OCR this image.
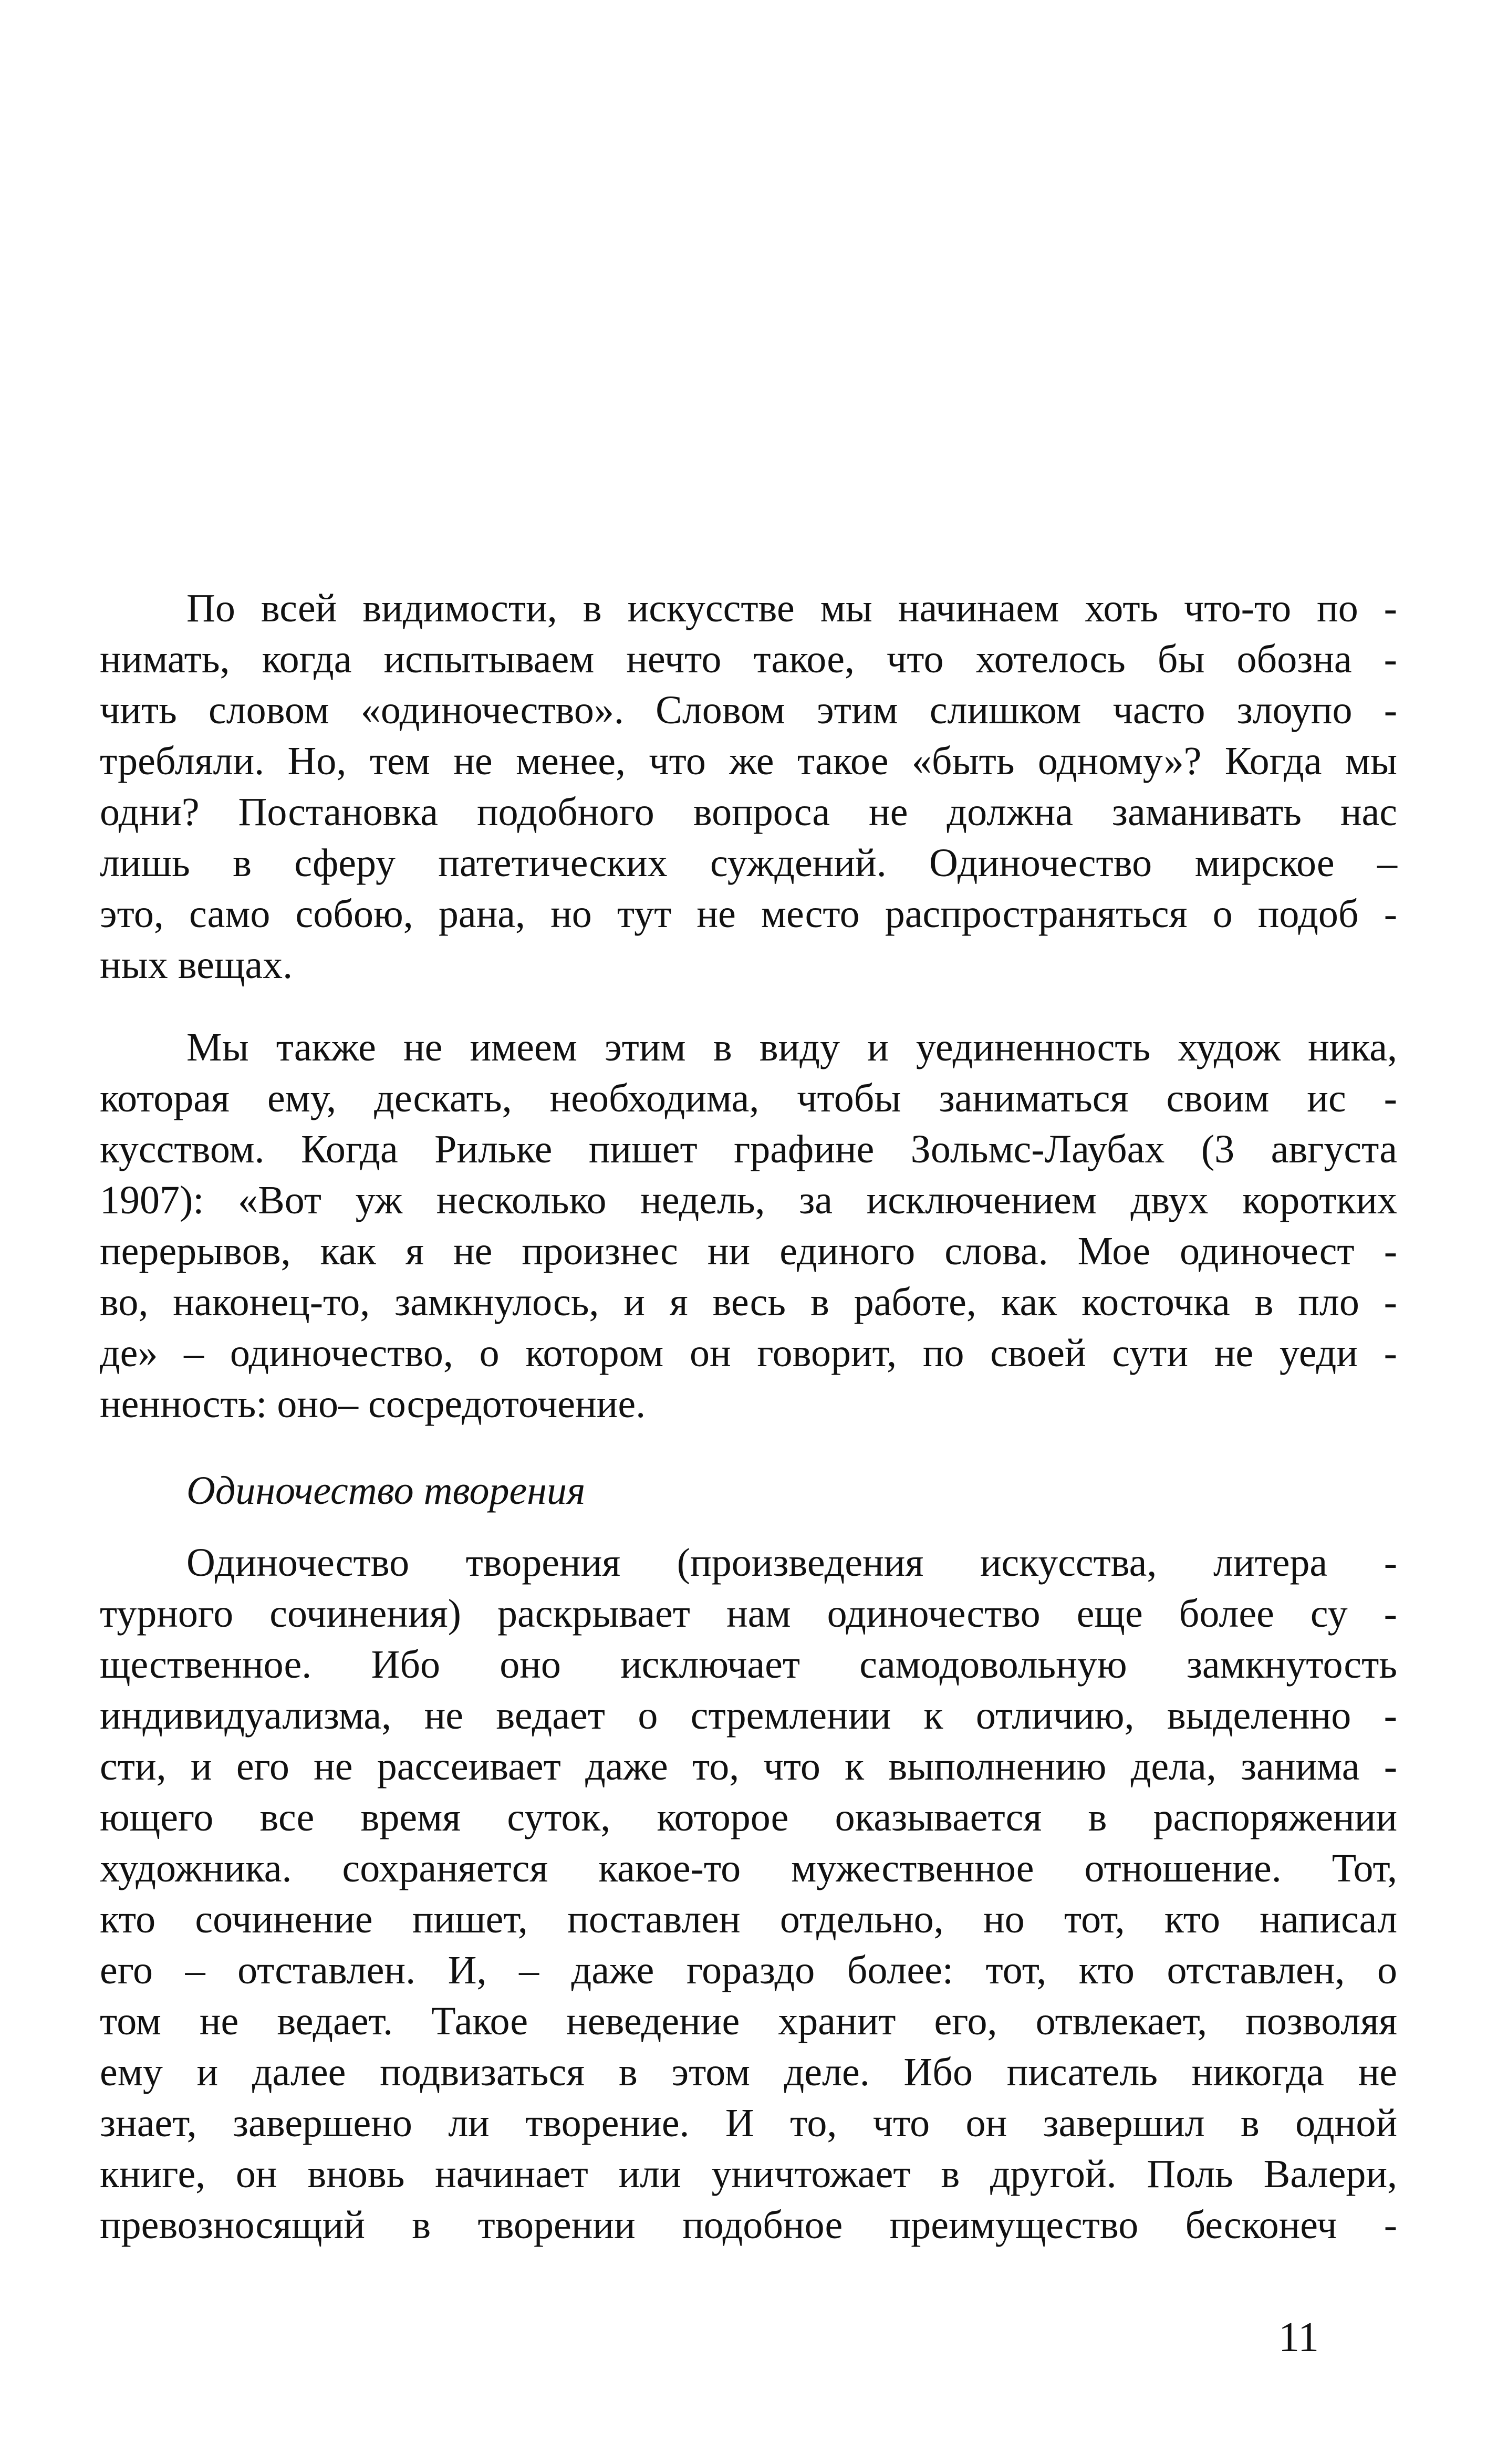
По всей видимости, в искусстве мы начинаем хоть что-то по -
нимать, когда испытываем нечто такое, что хотелось бы обозна -
чить словом «одиночество». Словом этим слишком часто злоупо -
требляли. Но, тем не менее, что же такое «быть одному»? Когда мы
одни? Постановка подобного вопроса не должна заманивать нас
лишь в сферу патетических суждений. Одиночество мирское –
это, само собою, рана, но тут не место распространяться о подоб -
ных вещах.
Мы также не имеем этим в виду и уединенность худож ника,
которая ему, дескать, необходима, чтобы заниматься своим ис -
кусством. Когда Рильке пишет графине Зольмс-Лаубах (3 августа
1907): «Вот уж несколько недель, за исключением двух коротких
перерывов, как я не произнес ни единого слова. Мое одиночест -
во, наконец-то, замкнулось, и я весь в работе, как косточка в пло -
де» – одиночество, о котором он говорит, по своей сути не уеди -
ненность: оно– сосредоточение.
Одиночество творения
Одиночество творения (произведения искусства, литера -
турного сочинения) раскрывает нам одиночество еще более су -
щественное. Ибо оно исключает самодовольную замкнутость
индивидуализма, не ведает о стремлении к отличию, выделенно -
сти, и его не рассеивает даже то, что к выполнению дела, занима -
ющего все время суток, которое оказывается в распоряжении
художника. сохраняется какое-то мужественное отношение. Тот,
кто сочинение пишет, поставлен отдельно, но тот, кто написал
его – отставлен. И, – даже гораздо более: тот, кто отставлен, о
том не ведает. Такое неведение хранит его, отвлекает, позволяя
ему и далее подвизаться в этом деле. Ибо писатель никогда не
знает, завершено ли творение. И то, что он завершил в одной
книге, он вновь начинает или уничтожает в другой. Поль Валери,
превозносящий в творении подобное преимущество бесконеч -
11
